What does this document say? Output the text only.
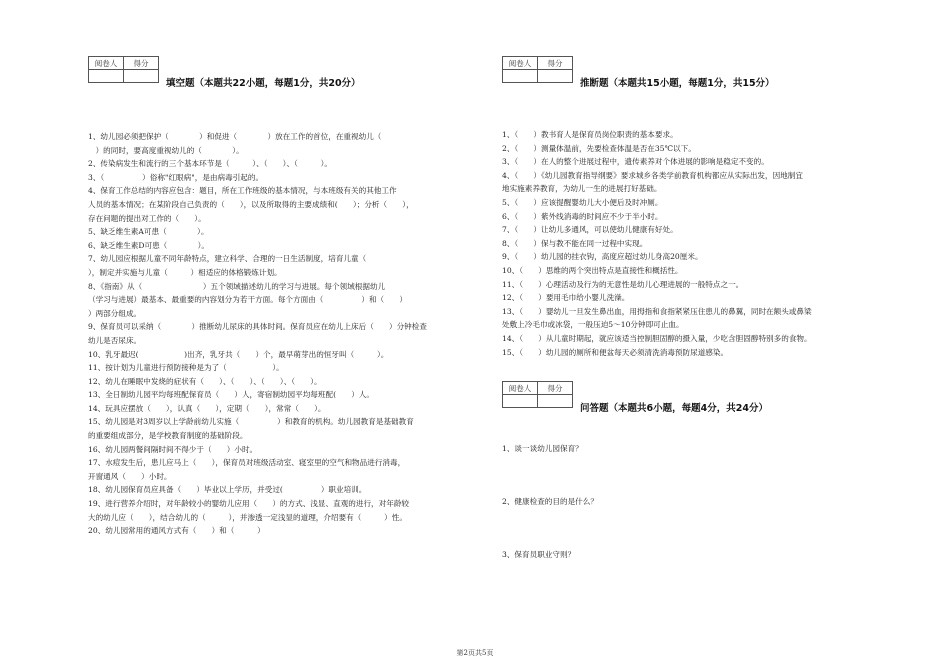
阅卷人	得分

填空题（本题共22小题，每题1分，共20分）

1、幼儿园必须把保护（　　　　）和促进（　　　　）放在工作的首位，在重视幼儿（

　）的同时，要高度重视幼儿的（　　　　）。

2、传染病发生和流行的三个基本环节是（　　　）、（　　）、（　　　）。

3、（　　　　　）俗称"红眼病"，是由病毒引起的。

4、保育工作总结的内容应包含：题目，所在工作班级的基本情况，与本班级有关的其他工作

人员的基本情况；在某阶段自己负责的（　　），以及所取得的主要成绩和(　　）；分析（　　），

存在问题的提出对工作的（　　）。

5、缺乏维生素A可患（　　　　）。

6、缺乏维生素D可患（　　　　）。

7、幼儿园应根据儿童不同年龄特点，建立科学、合理的一日生活制度，培育儿童（

），制定并实施与儿童（　　　）相适应的体格锻炼计划。

8、《指南》从（　　　　　　　　）五个领域描述幼儿的学习与进展。每个领域根据幼儿

（学习与进展）最基本、最重要的内容划分为若干方面。每个方面由（　　　　　）和（　　）

）两部分组成。

9、保育员可以采纳（　　　　）推断幼儿尿床的具体时间。保育员应在幼儿上床后（　　）分钟检查

幼儿是否尿床。

10、乳牙最迟(　　　　　　)出齐，乳牙共（　　）个，最早萌芽出的恒牙叫（　　　）。

11、按计划为儿童进行预防接种是为了（　　　　　　）。

12、幼儿在睡眠中发烧的症状有（　　）、（　　）、（　　）、（　　）。

13、全日制幼儿园平均每班配保育员（　　）人，寄宿制幼园平均每班配(　　）人。

14、玩具应摆放（　　），认真（　　），定期（　　），常常（　　）。

15、幼儿园是对3周岁以上学龄前幼儿实施（　　　　　）和教育的机构。幼儿园教育是基础教育

的重要组成部分，是学校教育制度的基础阶段。

16、幼儿园两餐间隔时间不得少于（　　）小时。

17、水痘发生后，患儿应马上（　　），保育员对班级活动室、寝室里的空气和物品进行消毒，

开窗通风（　　）小时。

18、幼儿园保育员应具备（　　）毕业以上学历，并受过(　　　　　）职业培训。

19、进行营养介绍时，对年龄较小的婴幼儿应用（　　）的方式、浅显、直观的进行，对年龄较

大的幼儿应（　　），结合幼儿的（　　　），并渗透一定浅显的道理，介绍要有（　　　）性。

20、幼儿园常用的通风方式有（　　）和（　　　）

阅卷人	得分

推断题（本题共15小题，每题1分，共15分）

1、（　　）教书育人是保育员岗位职责的基本要求。

2、（　　）测量体温前，先要检查体温是否在35℃以下。

3、（　　）在人的整个进展过程中，遗传素养对个体进展的影响是稳定不变的。

4、（　　）《幼儿园教育指导纲要》要求城乡各类学前教育机构都应从实际出发，因地制宜

地实施素养教育，为幼儿一生的进展打好基础。

5、（　　）应该提醒婴幼儿大小便后及时冲厕。

6、（　　）紫外线消毒的时间应不少于半小时。

7、（　　）让幼儿多通风，可以使幼儿健康有好处。

8、（　　）保与教不能在同一过程中实现。

9、（　　）幼儿园的挂衣钩，高度应超过幼儿身高20厘米。

10、（　　）思维的两个突出特点是直接性和概括性。

11、（　　）心理活动及行为的无意性是幼儿心理进展的一般特点之一。

12、（　　）要用毛巾给小婴儿洗澡。

13、（　　）婴幼儿一旦发生鼻出血，用拇指和食指紧紧压住患儿的鼻翼，同时在额头或鼻梁

处敷上冷毛巾或冰袋，一般压迫5～10分钟即可止血。

14、（　　）从儿童时期起，就应该适当控制胆固醇的摄入量，少吃含胆固醇特别多的食物。

15、（　　）幼儿园的厕所和便盆每天必须清洗消毒预防尿道感染。

阅卷人	得分

问答题（本题共6小题，每题4分，共24分）

1、谈一谈幼儿园保育？

2、健康检查的目的是什么？

3、保育员职业守则？

第2页共5页
